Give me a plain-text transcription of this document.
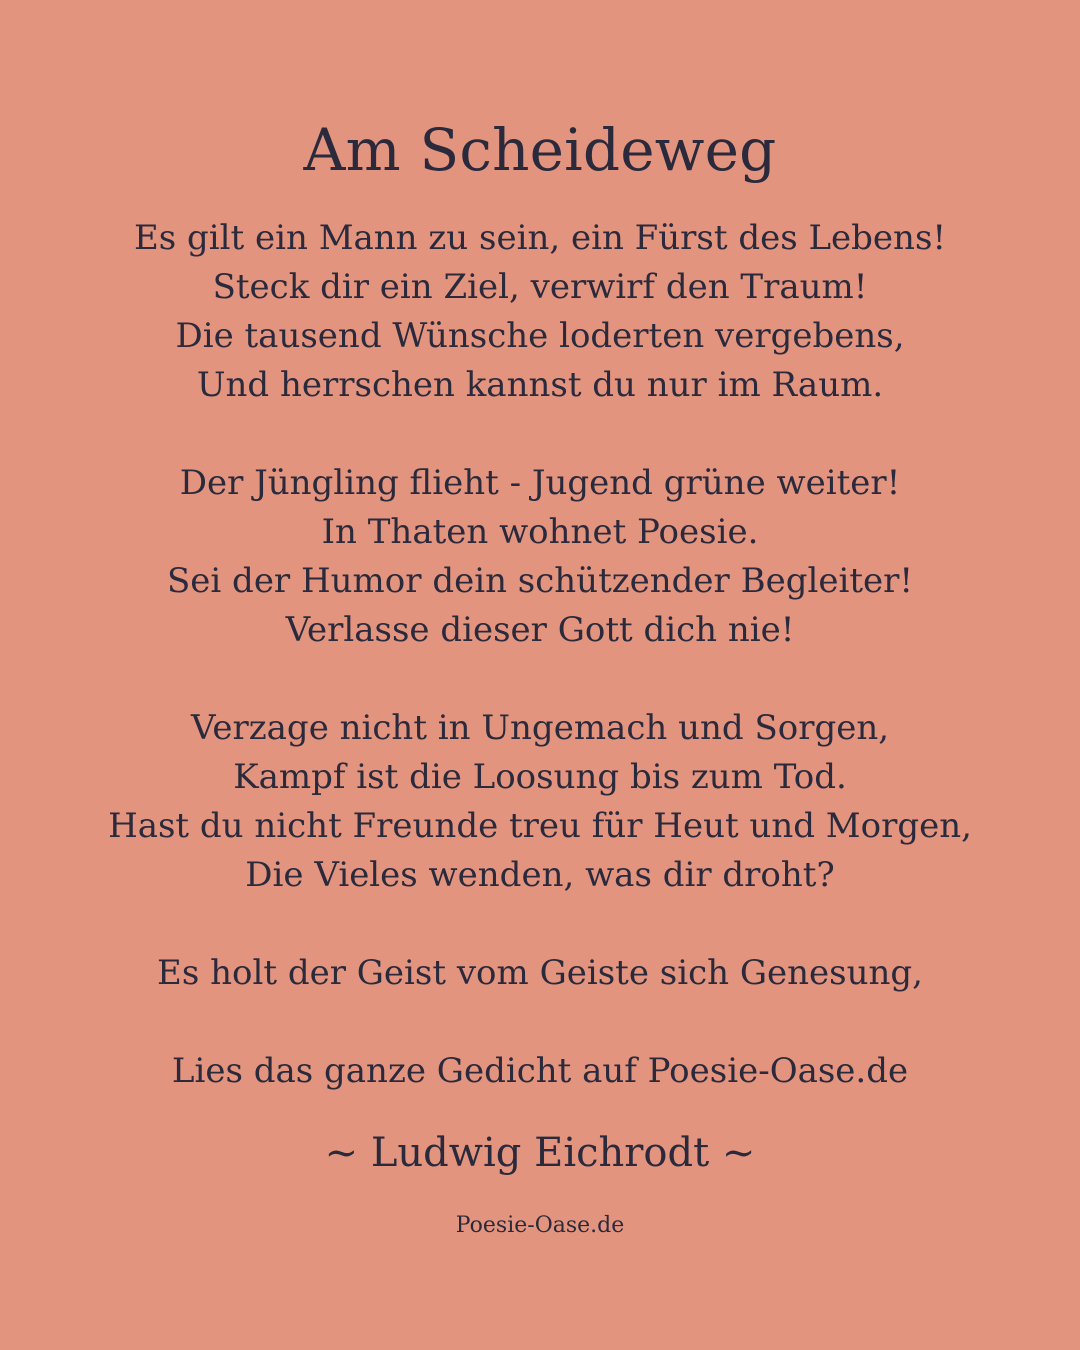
Am Scheideweg
Es gilt ein Mann zu sein, ein Fürst des Lebens!
Steck dir ein Ziel, verwirf den Traum!
Die tausend Wünsche loderten vergebens,
Und herrschen kannst du nur im Raum.
Der Jüngling flieht - Jugend grüne weiter!
In Thaten wohnet Poesie.
Sei der Humor dein schützender Begleiter!
Verlasse dieser Gott dich nie!
Verzage nicht in Ungemach und Sorgen,
Kampf ist die Loosung bis zum Tod.
Hast du nicht Freunde treu für Heut und Morgen,
Die Vieles wenden, was dir droht?
Es holt der Geist vom Geiste sich Genesung,
Lies das ganze Gedicht auf Poesie-Oase.de
~ Ludwig Eichrodt ~
Poesie-Oase.de
